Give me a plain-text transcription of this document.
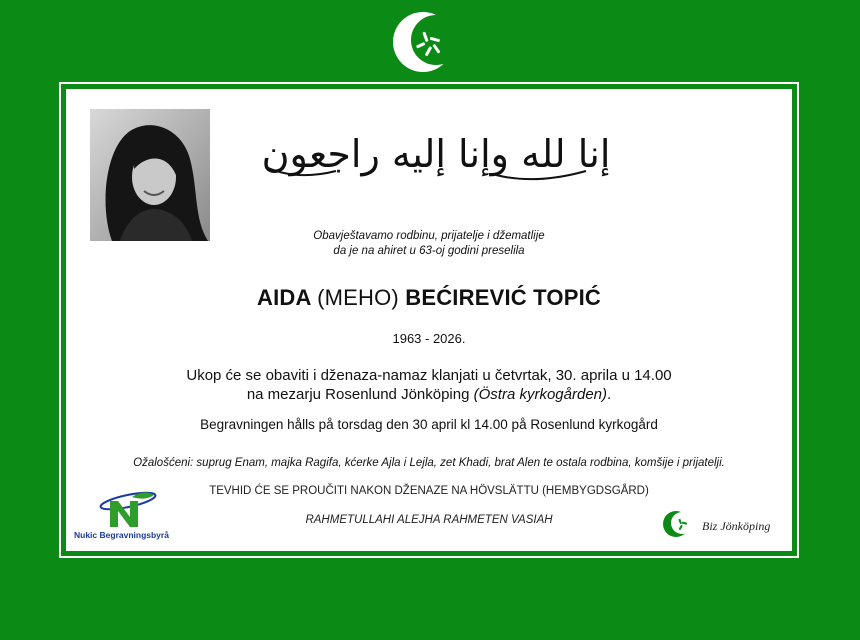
إنا لله وإنا إليه راجعون
Obavještavamo rodbinu, prijatelje i džematlije
da je na ahiret u 63-oj godini preselila
AIDA (MEHO) BEĆIREVIĆ TOPIĆ
1963 - 2026.
Ukop će se obaviti i dženaza-namaz klanjati u četvrtak, 30. aprila u 14.00
na mezarju Rosenlund Jönköping (Östra kyrkogården).
Begravningen hålls på torsdag den 30 april kl 14.00 på Rosenlund kyrkogård
Ožalošćeni: suprug Enam, majka Ragifa, kćerke Ajla i Lejla, zet Khadi, brat Alen te ostala rodbina, komšije i prijatelji.
TEVHID ĆE SE PROUČITI NAKON DŽENAZE NA HÖVSLÄTTU (HEMBYGDSGÅRD)
RAHMETULLAHI ALEJHA RAHMETEN VASIAH
Nukic Begravningsbyrå
Biz Jönköping
